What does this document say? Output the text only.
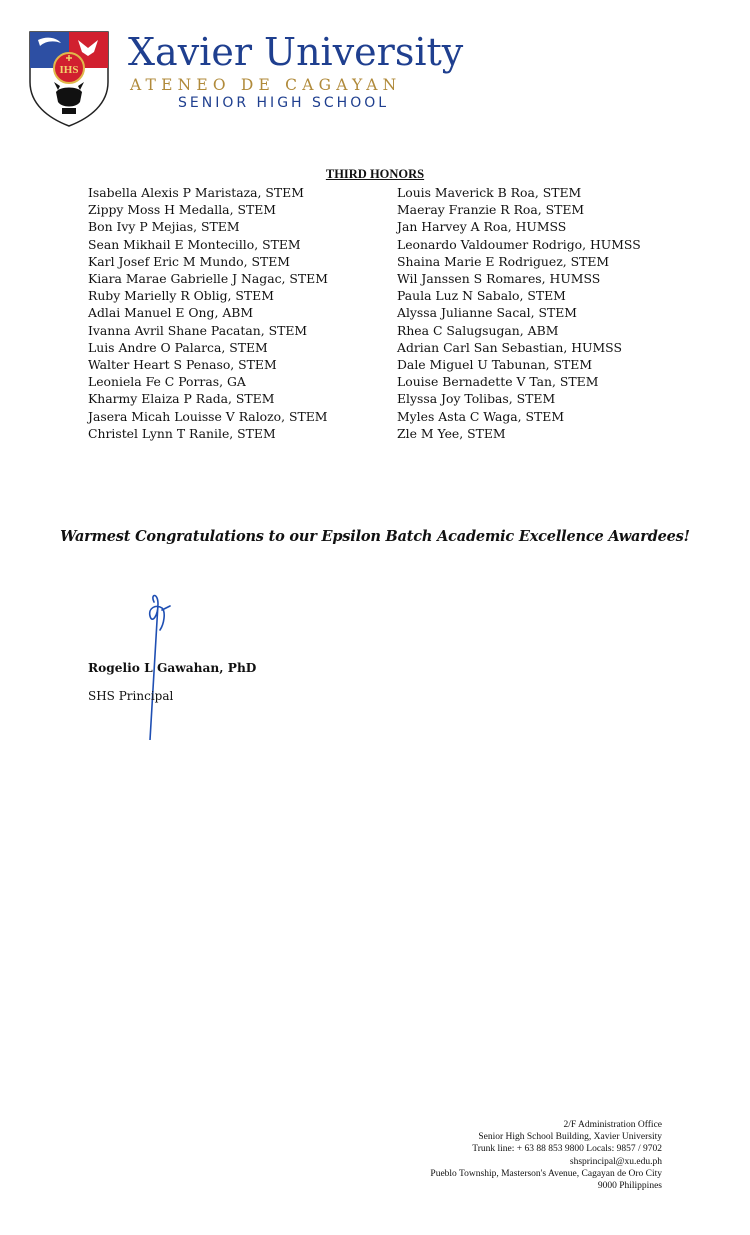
IHS Xavier University
ATENEO DE CAGAYAN
SENIOR HIGH SCHOOL
THIRD HONORS
Isabella Alexis P Maristaza, STEM
Zippy Moss H Medalla, STEM
Bon Ivy P Mejias, STEM
Sean Mikhail E Montecillo, STEM
Karl Josef Eric M Mundo, STEM
Kiara Marae Gabrielle J Nagac, STEM
Ruby Marielly R Oblig, STEM
Adlai Manuel E Ong, ABM
Ivanna Avril Shane Pacatan, STEM
Luis Andre O Palarca, STEM
Walter Heart S Penaso, STEM
Leoniela Fe C Porras, GA
Kharmy Elaiza P Rada, STEM
Jasera Micah Louisse V Ralozo, STEM
Christel Lynn T Ranile, STEM
Louis Maverick B Roa, STEM
Maeray Franzie R Roa, STEM
Jan Harvey A Roa, HUMSS
Leonardo Valdoumer Rodrigo, HUMSS
Shaina Marie E Rodriguez, STEM
Wil Janssen S Romares, HUMSS
Paula Luz N Sabalo, STEM
Alyssa Julianne Sacal, STEM
Rhea C Salugsugan, ABM
Adrian Carl San Sebastian, HUMSS
Dale Miguel U Tabunan, STEM
Louise Bernadette V Tan, STEM
Elyssa Joy Tolibas, STEM
Myles Asta C Waga, STEM
Zle M Yee, STEM
Warmest Congratulations to our Epsilon Batch Academic Excellence Awardees!
Rogelio L Gawahan, PhD
SHS Principal
2/F Administration Office
Senior High School Building, Xavier University
Trunk line: + 63 88 853 9800 Locals: 9857 / 9702
shsprincipal@xu.edu.ph
Pueblo Township, Masterson's Avenue, Cagayan de Oro City
9000 Philippines
